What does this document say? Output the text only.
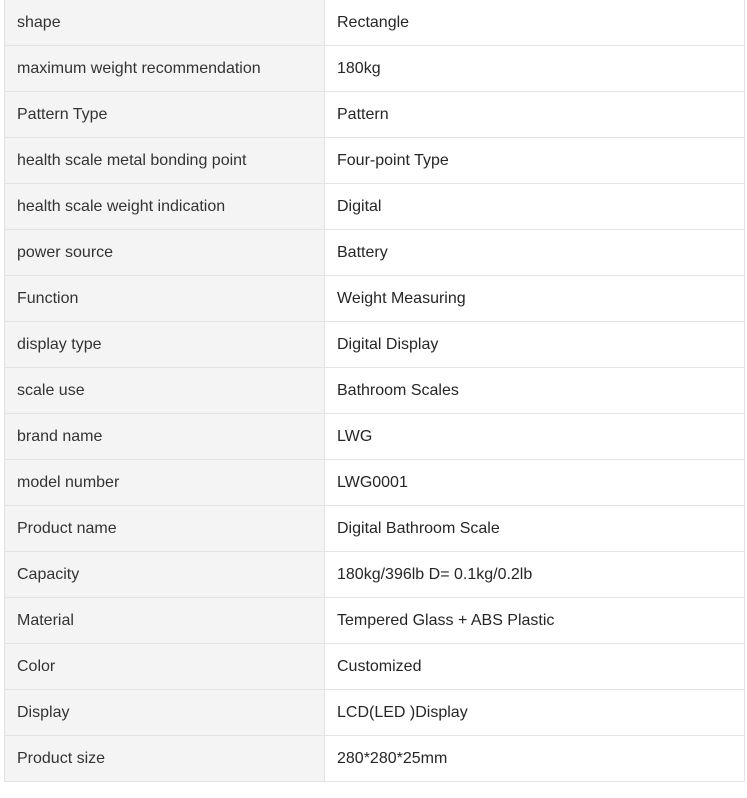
shape	Rectangle
maximum weight recommendation	180kg
Pattern Type	Pattern
health scale metal bonding point	Four-point Type
health scale weight indication	Digital
power source	Battery
Function	Weight Measuring
display type	Digital Display
scale use	Bathroom Scales
brand name	LWG
model number	LWG0001
Product name	Digital Bathroom Scale
Capacity	180kg/396lb D= 0.1kg/0.2lb
Material	Tempered Glass + ABS Plastic
Color	Customized
Display	LCD(LED )Display
Product size	280*280*25mm
